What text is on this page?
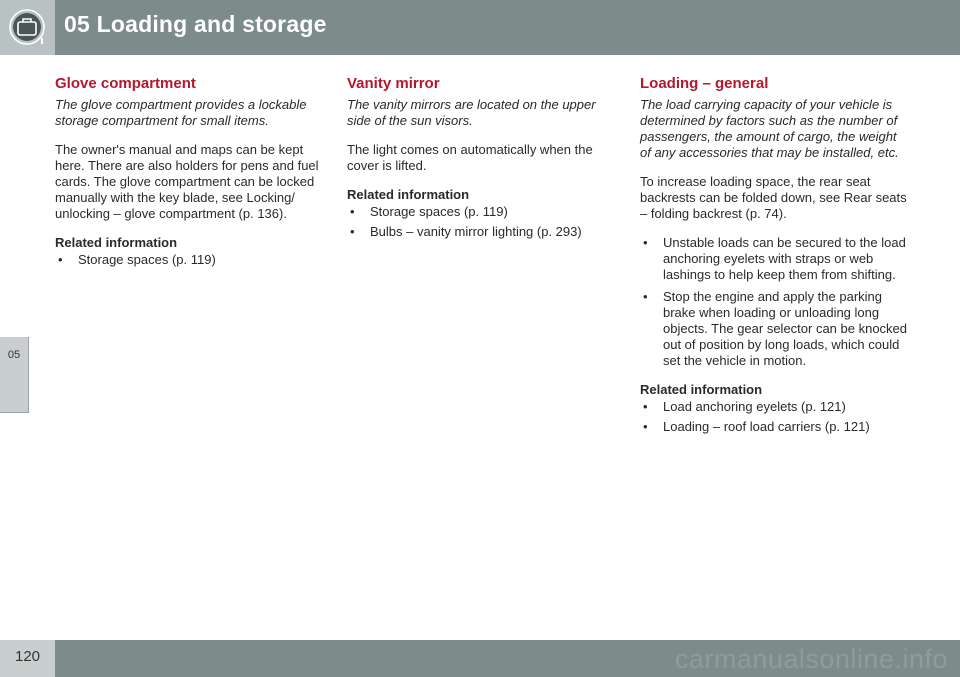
05 Loading and storage
05
Glove compartment

The glove compartment provides a lockable storage compartment for small items.

The owner's manual and maps can be kept here. There are also holders for pens and fuel cards. The glove compartment can be locked manually with the key blade, see Locking/ unlocking – glove compartment (p. 136).

Related information
• Storage spaces (p. 119)
Vanity mirror

The vanity mirrors are located on the upper side of the sun visors.

The light comes on automatically when the cover is lifted.

Related information
• Storage spaces (p. 119)
• Bulbs – vanity mirror lighting (p. 293)
Loading – general

The load carrying capacity of your vehicle is determined by factors such as the number of passengers, the amount of cargo, the weight of any accessories that may be installed, etc.

To increase loading space, the rear seat backrests can be folded down, see Rear seats – folding backrest (p. 74).

• Unstable loads can be secured to the load anchoring eyelets with straps or web lashings to help keep them from shifting.
• Stop the engine and apply the parking brake when loading or unloading long objects. The gear selector can be knocked out of position by long loads, which could set the vehicle in motion.
Related information
• Load anchoring eyelets (p. 121)
• Loading – roof load carriers (p. 121)
120	carmanualsonline.info
